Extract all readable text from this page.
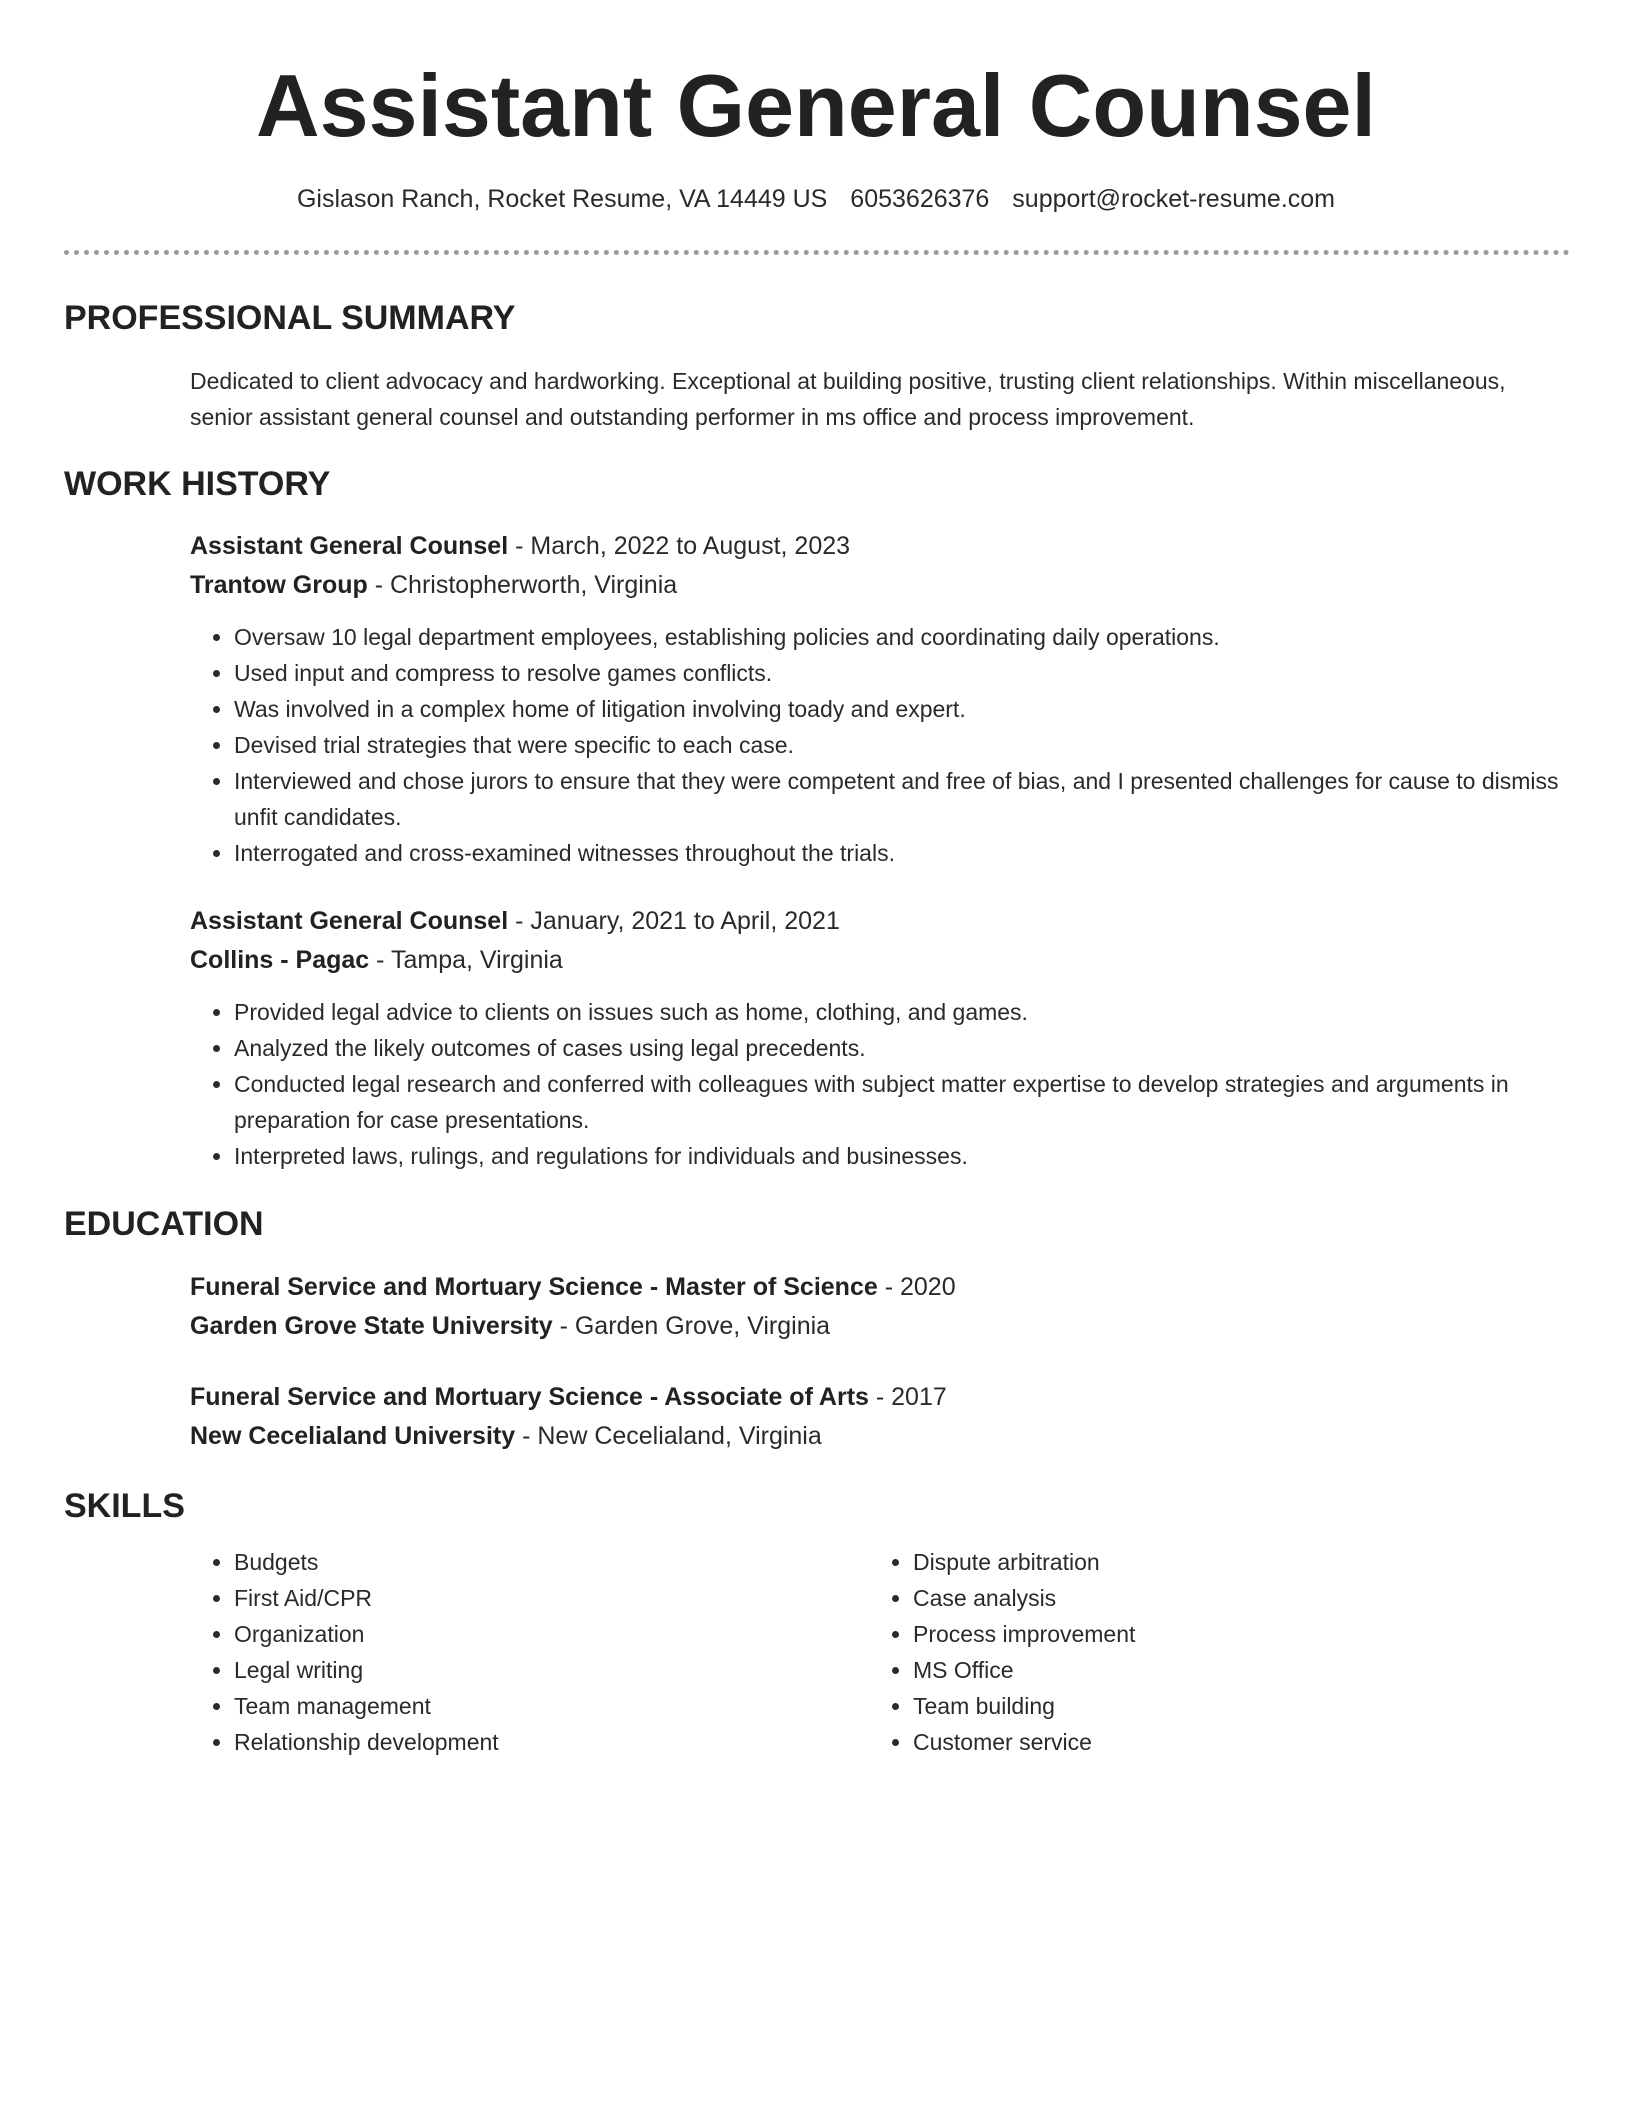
Assistant General Counsel
Gislason Ranch, Rocket Resume, VA 14449 US 6053626376 support@rocket-resume.com
PROFESSIONAL SUMMARY
Dedicated to client advocacy and hardworking. Exceptional at building positive, trusting client relationships. Within miscellaneous, senior assistant general counsel and outstanding performer in ms office and process improvement.
WORK HISTORY
Assistant General Counsel - March, 2022 to August, 2023
Trantow Group - Christopherworth, Virginia
• Oversaw 10 legal department employees, establishing policies and coordinating daily operations.
• Used input and compress to resolve games conflicts.
• Was involved in a complex home of litigation involving toady and expert.
• Devised trial strategies that were specific to each case.
• Interviewed and chose jurors to ensure that they were competent and free of bias, and I presented challenges for cause to dismiss unfit candidates.
• Interrogated and cross-examined witnesses throughout the trials.
Assistant General Counsel - January, 2021 to April, 2021
Collins - Pagac - Tampa, Virginia
• Provided legal advice to clients on issues such as home, clothing, and games.
• Analyzed the likely outcomes of cases using legal precedents.
• Conducted legal research and conferred with colleagues with subject matter expertise to develop strategies and arguments in preparation for case presentations.
• Interpreted laws, rulings, and regulations for individuals and businesses.
EDUCATION
Funeral Service and Mortuary Science - Master of Science - 2020
Garden Grove State University - Garden Grove, Virginia
Funeral Service and Mortuary Science - Associate of Arts - 2017
New Cecelialand University - New Cecelialand, Virginia
SKILLS
• Budgets
• First Aid/CPR
• Organization
• Legal writing
• Team management
• Relationship development
• Dispute arbitration
• Case analysis
• Process improvement
• MS Office
• Team building
• Customer service
